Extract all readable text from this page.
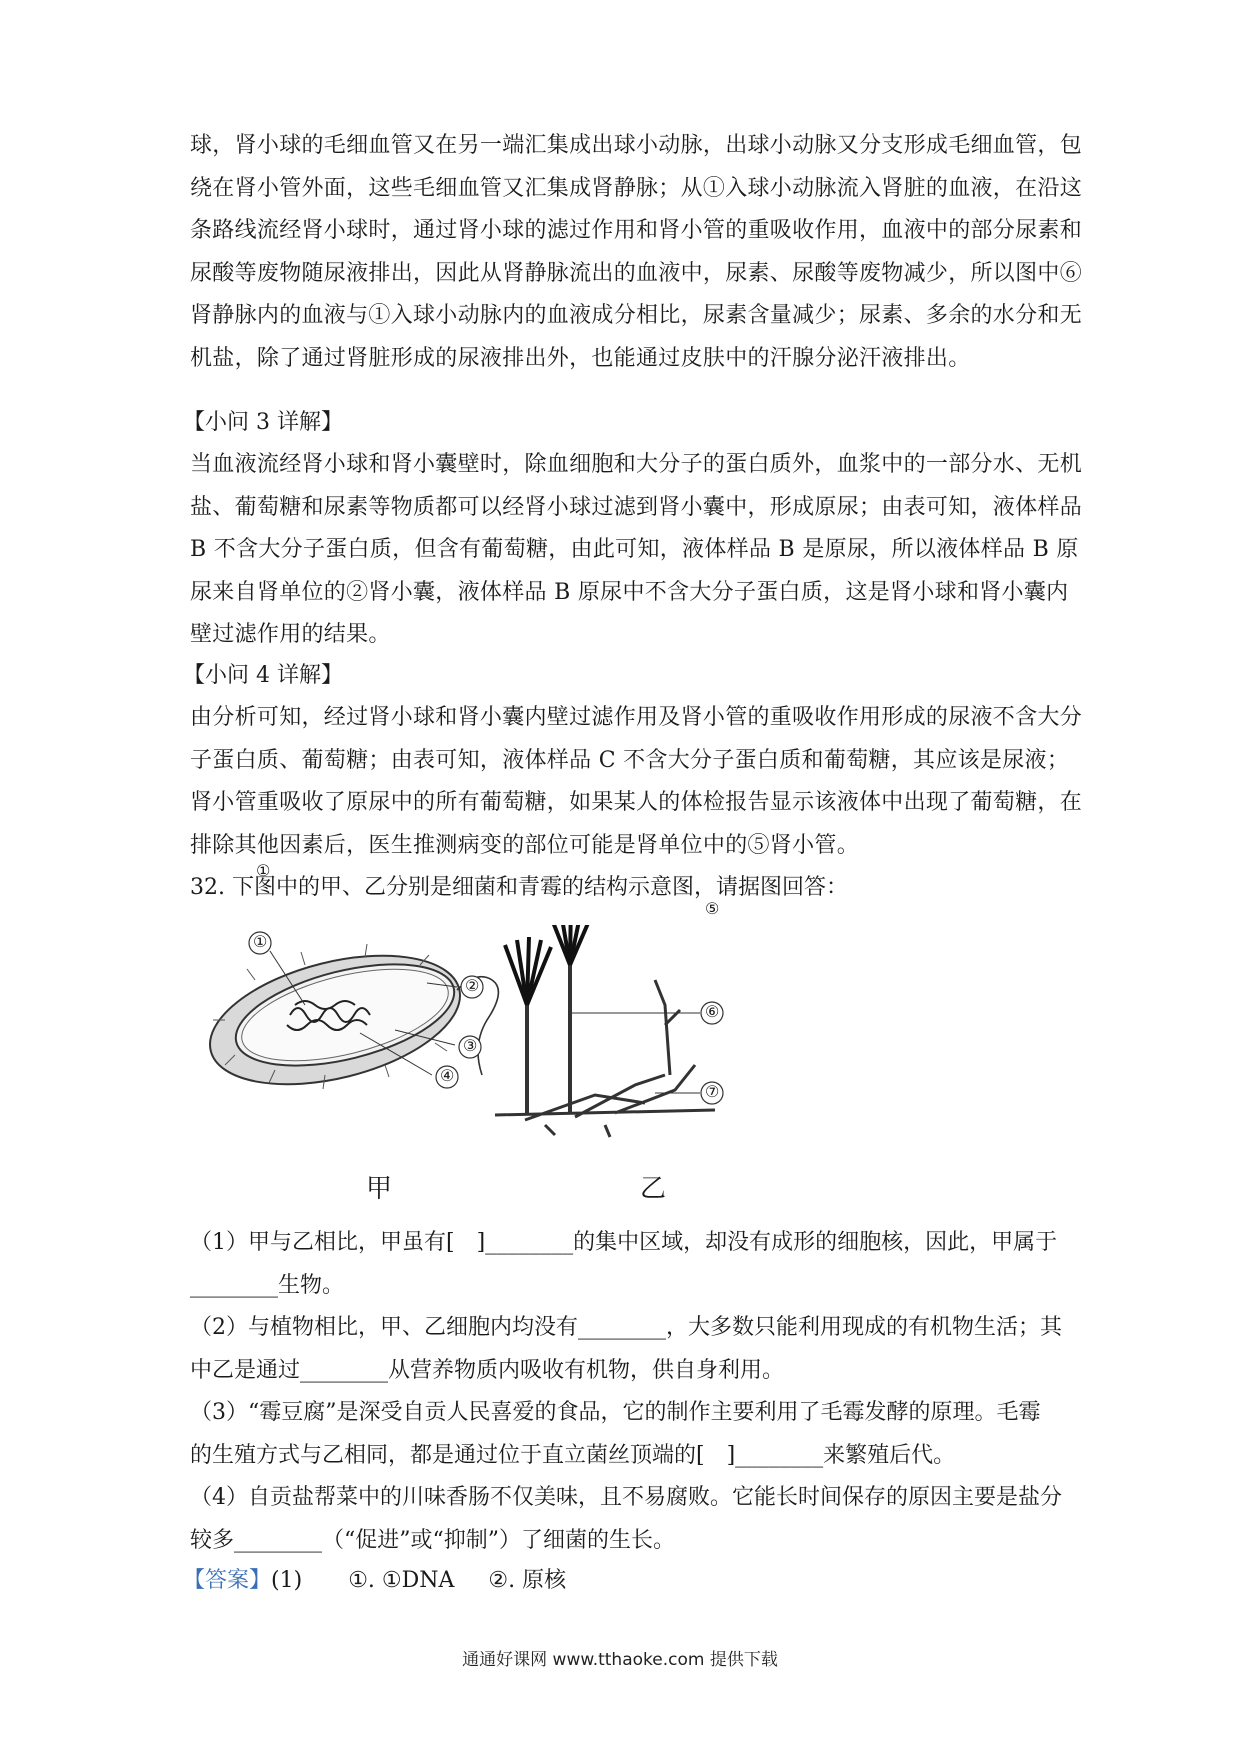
球，肾小球的毛细血管又在另一端汇集成出球小动脉，出球小动脉又分支形成毛细血管，包
绕在肾小管外面，这些毛细血管又汇集成肾静脉；从①入球小动脉流入肾脏的血液，在沿这
条路线流经肾小球时，通过肾小球的滤过作用和肾小管的重吸收作用，血液中的部分尿素和
尿酸等废物随尿液排出，因此从肾静脉流出的血液中，尿素、尿酸等废物减少，所以图中⑥
肾静脉内的血液与①入球小动脉内的血液成分相比，尿素含量减少；尿素、多余的水分和无
机盐，除了通过肾脏形成的尿液排出外，也能通过皮肤中的汗腺分泌汗液排出。
【小问 3 详解】
当血液流经肾小球和肾小囊壁时，除血细胞和大分子的蛋白质外，血浆中的一部分水、无机
盐、葡萄糖和尿素等物质都可以经肾小球过滤到肾小囊中，形成原尿；由表可知，液体样品
B 不含大分子蛋白质，但含有葡萄糖，由此可知，液体样品 B 是原尿，所以液体样品 B 原
尿来自肾单位的②肾小囊，液体样品 B 原尿中不含大分子蛋白质，这是肾小球和肾小囊内
壁过滤作用的结果。
【小问 4 详解】
由分析可知，经过肾小球和肾小囊内壁过滤作用及肾小管的重吸收作用形成的尿液不含大分
子蛋白质、葡萄糖；由表可知，液体样品 C 不含大分子蛋白质和葡萄糖，其应该是尿液；
肾小管重吸收了原尿中的所有葡萄糖，如果某人的体检报告显示该液体中出现了葡萄糖，在
排除其他因素后，医生推测病变的部位可能是肾单位中的⑤肾小管。
32. 下图中的甲、乙分别是细菌和青霉的结构示意图，请据图回答：
①
①
②
③
④
⑤
⑥
⑦
甲	乙
（1）甲与乙相比，甲虽有[　]________的集中区域，却没有成形的细胞核，因此，甲属于
________生物。
（2）与植物相比，甲、乙细胞内均没有________，大多数只能利用现成的有机物生活；其
中乙是通过________从营养物质内吸收有机物，供自身利用。
（3）“霉豆腐”是深受自贡人民喜爱的食品，它的制作主要利用了毛霉发酵的原理。毛霉
的生殖方式与乙相同，都是通过位于直立菌丝顶端的[　]________来繁殖后代。
（4）自贡盐帮菜中的川味香肠不仅美味，且不易腐败。它能长时间保存的原因主要是盐分
较多________（“促进”或“抑制”）了细菌的生长。
【答案】(1) ①. ①DNA ②. 原核
通通好课网 www.tthaoke.com 提供下载
